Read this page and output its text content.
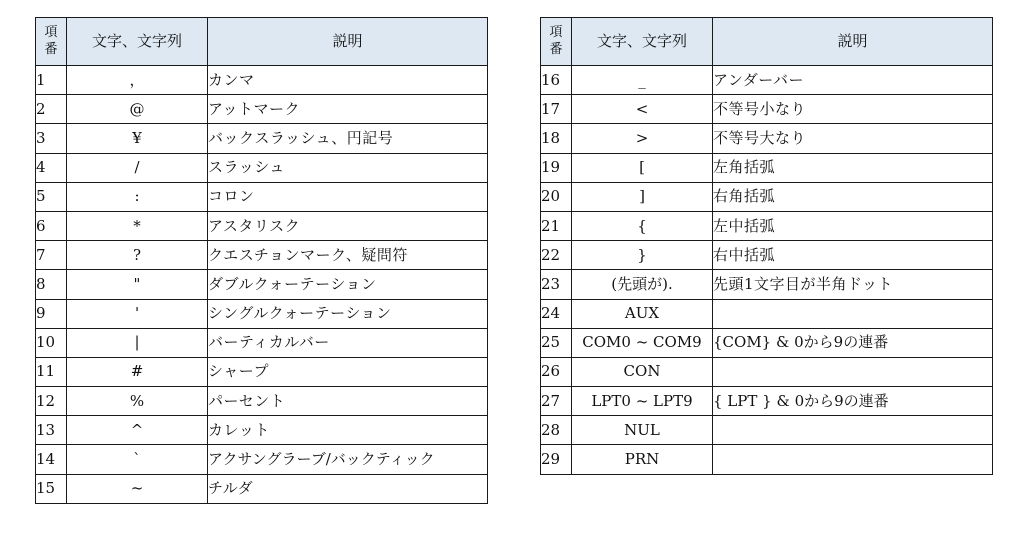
項
番	文字、文字列	説明
1	，	カンマ
2	@	アットマーク
3	¥	バックスラッシュ、円記号
4	/	スラッシュ
5	:	コロン
6	*	アスタリスク
7	?	クエスチョンマーク、疑問符
8	"	ダブルクォーテーション
9	'	シングルクォーテーション
10	|	バーティカルバー
11	#	シャープ
12	%	パーセント
13	^	カレット
14	`	アクサングラーブ/バックティック
15	~	チルダ
項
番	文字、文字列	説明
16	_	アンダーバー
17	<	不等号小なり
18	>	不等号大なり
19	[	左角括弧
20	]	右角括弧
21	{	左中括弧
22	}	右中括弧
23	(先頭が).	先頭1文字目が半角ドット
24	AUX	
25	COM0 ~ COM9	{COM} & 0から9の連番
26	CON	
27	LPT0 ~ LPT9	{ LPT } & 0から9の連番
28	NUL	
29	PRN	
